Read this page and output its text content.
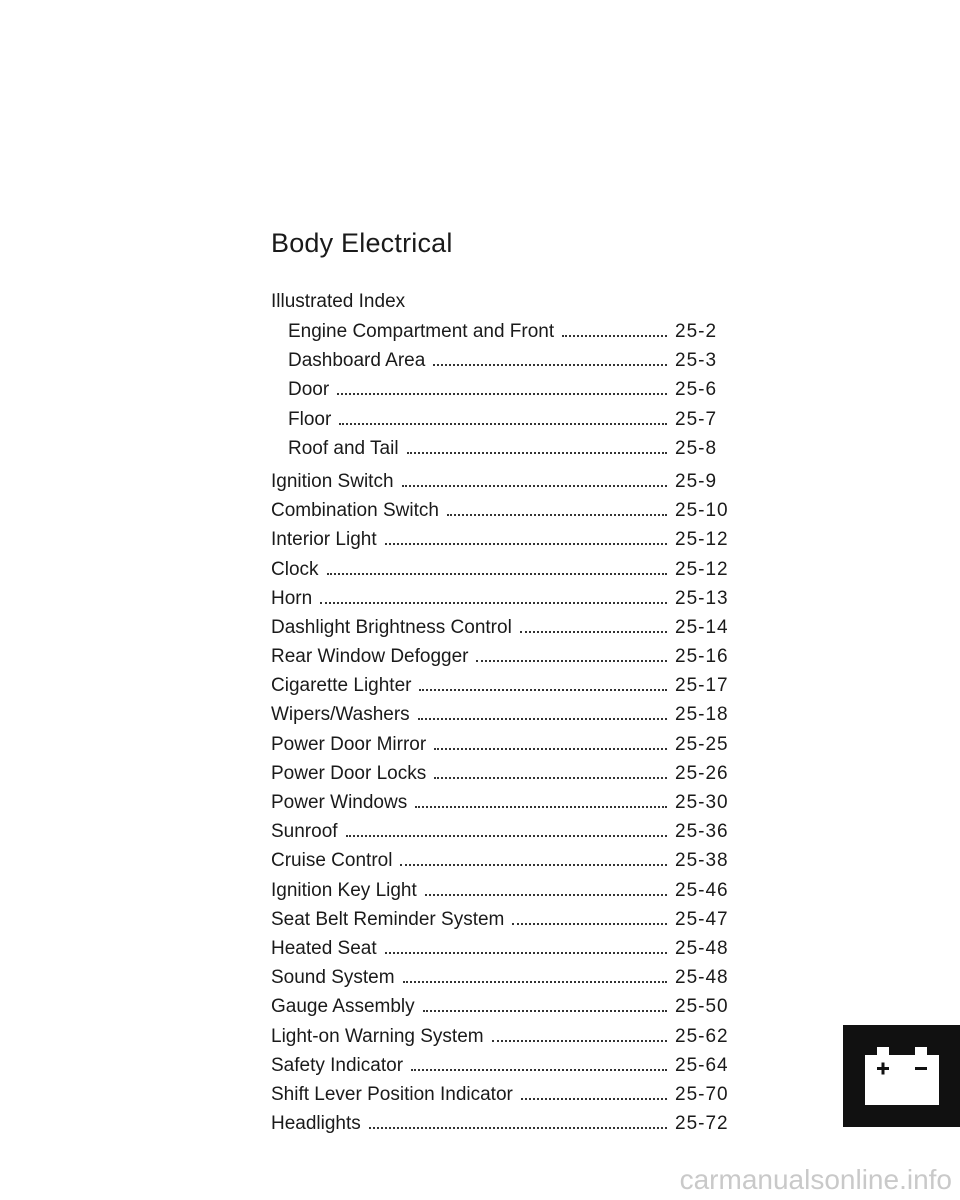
Body Electrical
Illustrated Index
Engine Compartment and Front	25-2
Dashboard Area	25-3
Door	25-6
Floor	25-7
Roof and Tail	25-8
Ignition Switch	25-9
Combination Switch	25-10
Interior Light	25-12
Clock	25-12
Horn	25-13
Dashlight Brightness Control	25-14
Rear Window Defogger	25-16
Cigarette Lighter	25-17
Wipers/Washers	25-18
Power Door Mirror	25-25
Power Door Locks	25-26
Power Windows	25-30
Sunroof	25-36
Cruise Control	25-38
Ignition Key Light	25-46
Seat Belt Reminder System	25-47
Heated Seat	25-48
Sound System	25-48
Gauge Assembly	25-50
Light-on Warning System	25-62
Safety Indicator	25-64
Shift Lever Position Indicator	25-70
Headlights	25-72
carmanualsonline.info
